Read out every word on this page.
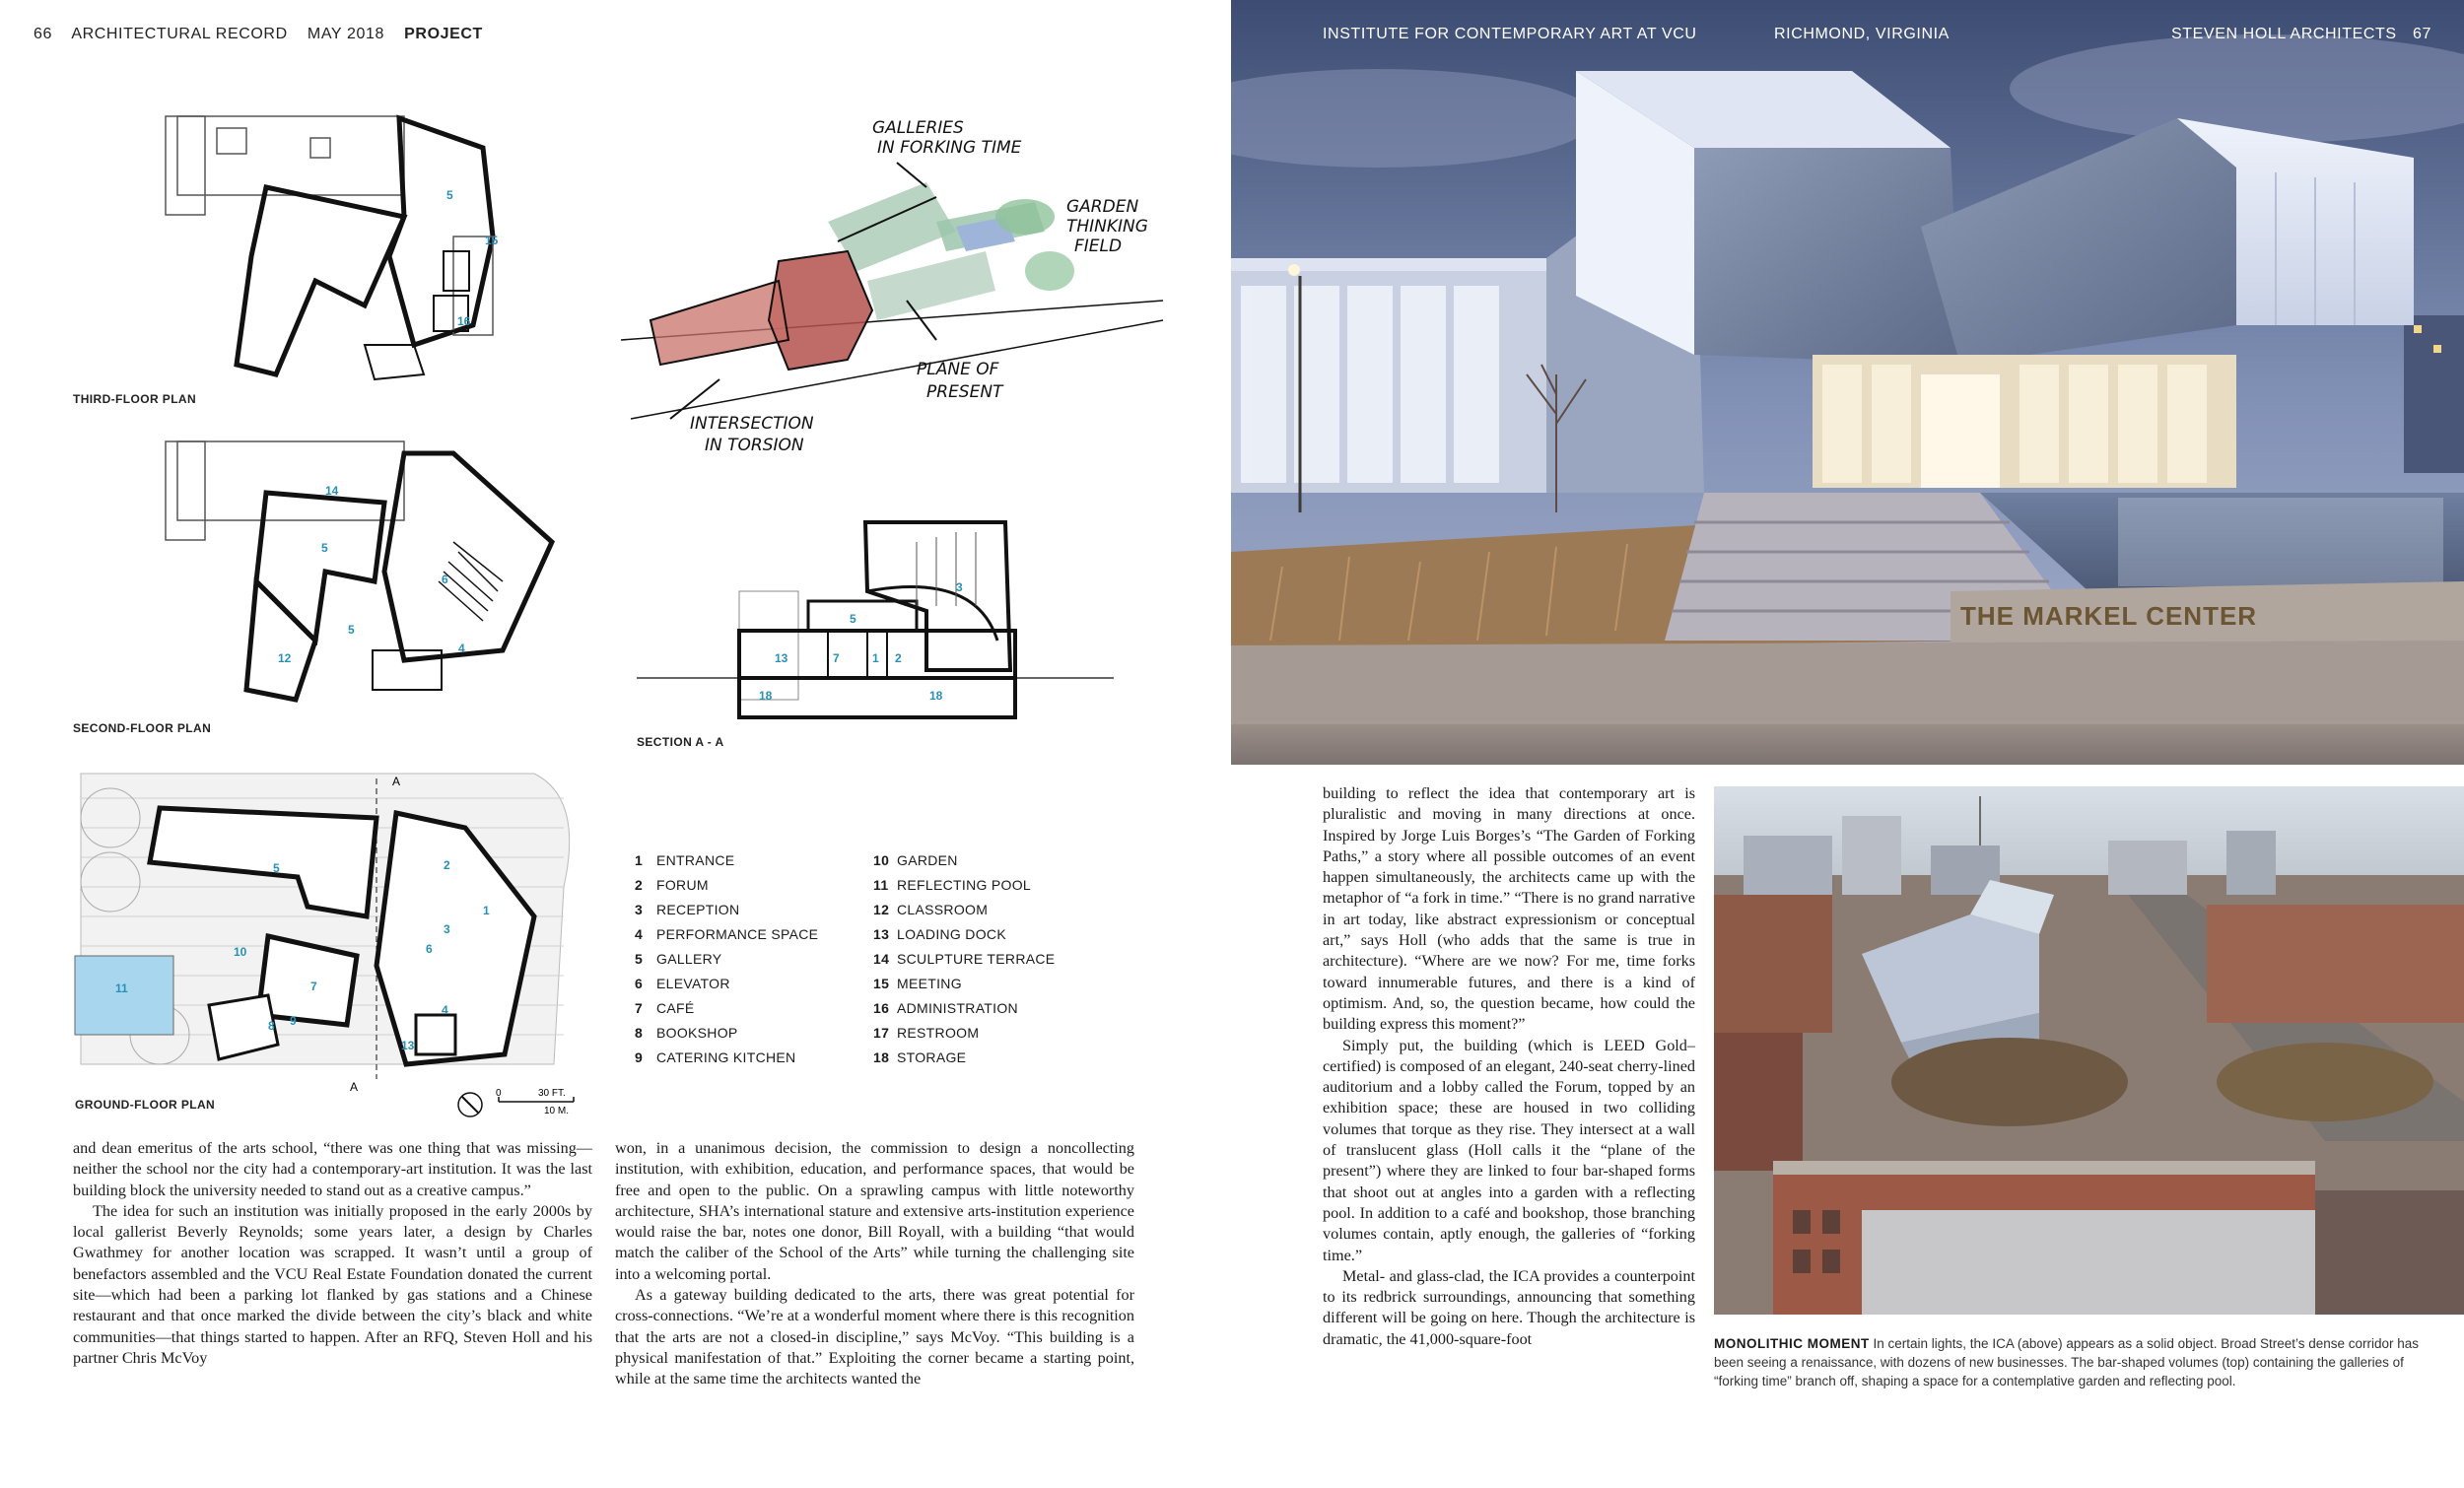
66 ARCHITECTURAL RECORD MAY 2018 PROJECT
THE MARKEL CENTER
INSTITUTE FOR CONTEMPORARY ART AT VCU	RICHMOND, VIRGINIA	STEVEN HOLL ARCHITECTS 67
5
15
16
THIRD-FLOOR PLAN
14
5
6
5
4
12
SECOND-FLOOR PLAN
5	2
10
1
3
6
11	7
8 9
4
13
A
A
GROUND-FLOOR PLAN
0	30 FT.
10 M.
GALLERIES
IN FORKING TIME
GARDEN
THINKING
FIELD
PLANE OF
PRESENT
INTERSECTION
IN TORSION
3
5
13	7	1 2
18	18
SECTION A - A
1 ENTRANCE
2 FORUM
3 RECEPTION
4 PERFORMANCE SPACE
5 GALLERY
6 ELEVATOR
7 CAFÉ
8 BOOKSHOP
9 CATERING KITCHEN
10 GARDEN
11 REFLECTING POOL
12 CLASSROOM
13 LOADING DOCK
14 SCULPTURE TERRACE
15 MEETING
16 ADMINISTRATION
17 RESTROOM
18 STORAGE

and dean emeritus of the arts school, “there was one thing that was missing—neither the school nor the city had a contemporary-art institution. It was the last building block the university needed to stand out as a creative campus.”

The idea for such an institution was initially proposed in the early 2000s by local gallerist Beverly Reynolds; some years later, a design by Charles Gwathmey for another location was scrapped. It wasn’t until a group of benefactors assembled and the VCU Real Estate Foundation donated the current site—which had been a parking lot flanked by gas stations and a Chinese restaurant and that once marked the divide between the city’s black and white communities—that things started to happen. After an RFQ, Steven Holl and his partner Chris McVoy

won, in a unanimous decision, the commission to design a noncollecting institution, with exhibition, education, and performance spaces, that would be free and open to the public. On a sprawling campus with little noteworthy architecture, SHA’s international stature and extensive arts-institution experience would raise the bar, notes one donor, Bill Royall, with a building “that would match the caliber of the School of the Arts” while turning the challenging site into a welcoming portal.

As a gateway building dedicated to the arts, there was great potential for cross-connections. “We’re at a wonderful moment where there is this recognition that the arts are not a closed-in discipline,” says McVoy. “This building is a physical manifestation of that.” Exploiting the corner became a starting point, while at the same time the architects wanted the

building to reflect the idea that contemporary art is pluralistic and moving in many directions at once. Inspired by Jorge Luis Borges’s “The Garden of Forking Paths,” a story where all possible outcomes of an event happen simultaneously, the architects came up with the metaphor of “a fork in time.” “There is no grand narrative in art today, like abstract expressionism or conceptual art,” says Holl (who adds that the same is true in architecture). “Where are we now? For me, time forks toward innumerable futures, and there is a kind of optimism. And, so, the question became, how could the building express this moment?”

Simply put, the building (which is LEED Gold–certified) is composed of an elegant, 240-seat cherry-lined auditorium and a lobby called the Forum, topped by an exhibition space; these are housed in two colliding volumes that torque as they rise. They intersect at a wall of translucent glass (Holl calls it the “plane of the present”) where they are linked to four bar-shaped forms that shoot out at angles into a garden with a reflecting pool. In addition to a café and bookshop, those branching volumes contain, aptly enough, the galleries of “forking time.”

Metal- and glass-clad, the ICA provides a counterpoint to its redbrick surroundings, announcing that something different will be going on here. Though the architecture is dramatic, the 41,000-square-foot	MONOLITHIC MOMENT In certain lights, the ICA (above) appears as a solid object. Broad Street’s dense corridor has been seeing a renaissance, with dozens of new businesses. The bar-shaped volumes (top) containing the galleries of “forking time” branch off, shaping a space for a contemplative garden and reflecting pool.
